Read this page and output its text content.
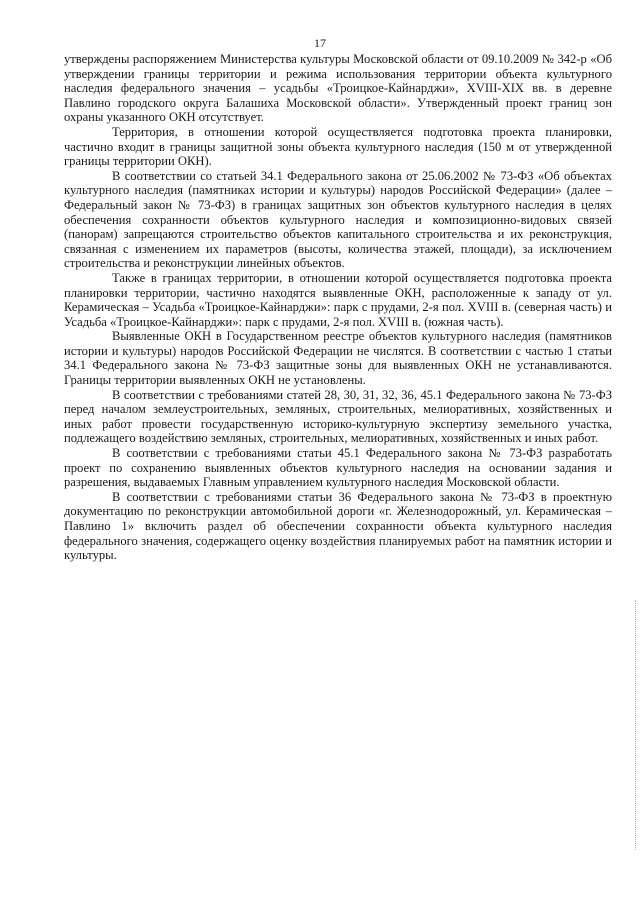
17

утверждены распоряжением Министерства культуры Московской области от 09.10.2009 № 342-р «Об утверждении границы территории и режима использования территории объекта культурного наследия федерального значения – усадьбы «Троицкое-Кайнарджи», XVIII-XIX вв. в деревне Павлино городского округа Балашиха Московской области». Утвержденный проект границ зон охраны указанного ОКН отсутствует.

Территория, в отношении которой осуществляется подготовка проекта планировки, частично входит в границы защитной зоны объекта культурного наследия (150 м от утвержденной границы территории ОКН).

В соответствии со статьей 34.1 Федерального закона от 25.06.2002 № 73-ФЗ «Об объектах культурного наследия (памятниках истории и культуры) народов Российской Федерации» (далее – Федеральный закон № 73-ФЗ) в границах защитных зон объектов культурного наследия в целях обеспечения сохранности объектов культурного наследия и композиционно-видовых связей (панорам) запрещаются строительство объектов капитального строительства и их реконструкция, связанная с изменением их параметров (высоты, количества этажей, площади), за исключением строительства и реконструкции линейных объектов.

Также в границах территории, в отношении которой осуществляется подготовка проекта планировки территории, частично находятся выявленные ОКН, расположенные к западу от ул. Керамическая – Усадьба «Троицкое-Кайнарджи»: парк с прудами, 2-я пол. XVIII в. (северная часть) и Усадьба «Троицкое-Кайнарджи»: парк с прудами, 2-я пол. XVIII в. (южная часть).

Выявленные ОКН в Государственном реестре объектов культурного наследия (памятников истории и культуры) народов Российской Федерации не числятся. В соответствии с частью 1 статьи 34.1 Федерального закона № 73-ФЗ защитные зоны для выявленных ОКН не устанавливаются. Границы территории выявленных ОКН не установлены.

В соответствии с требованиями статей 28, 30, 31, 32, 36, 45.1 Федерального закона № 73-ФЗ перед началом землеустроительных, земляных, строительных, мелиоративных, хозяйственных и иных работ провести государственную историко-культурную экспертизу земельного участка, подлежащего воздействию земляных, строительных, мелиоративных, хозяйственных и иных работ.

В соответствии с требованиями статьи 45.1 Федерального закона № 73-ФЗ разработать проект по сохранению выявленных объектов культурного наследия на основании задания и разрешения, выдаваемых Главным управлением культурного наследия Московской области.

В соответствии с требованиями статьи 36 Федерального закона № 73-ФЗ в проектную документацию по реконструкции автомобильной дороги «г. Железнодорожный, ул. Керамическая – Павлино 1» включить раздел об обеспечении сохранности объекта культурного наследия федерального значения, содержащего оценку воздействия планируемых работ на памятник истории и культуры.
